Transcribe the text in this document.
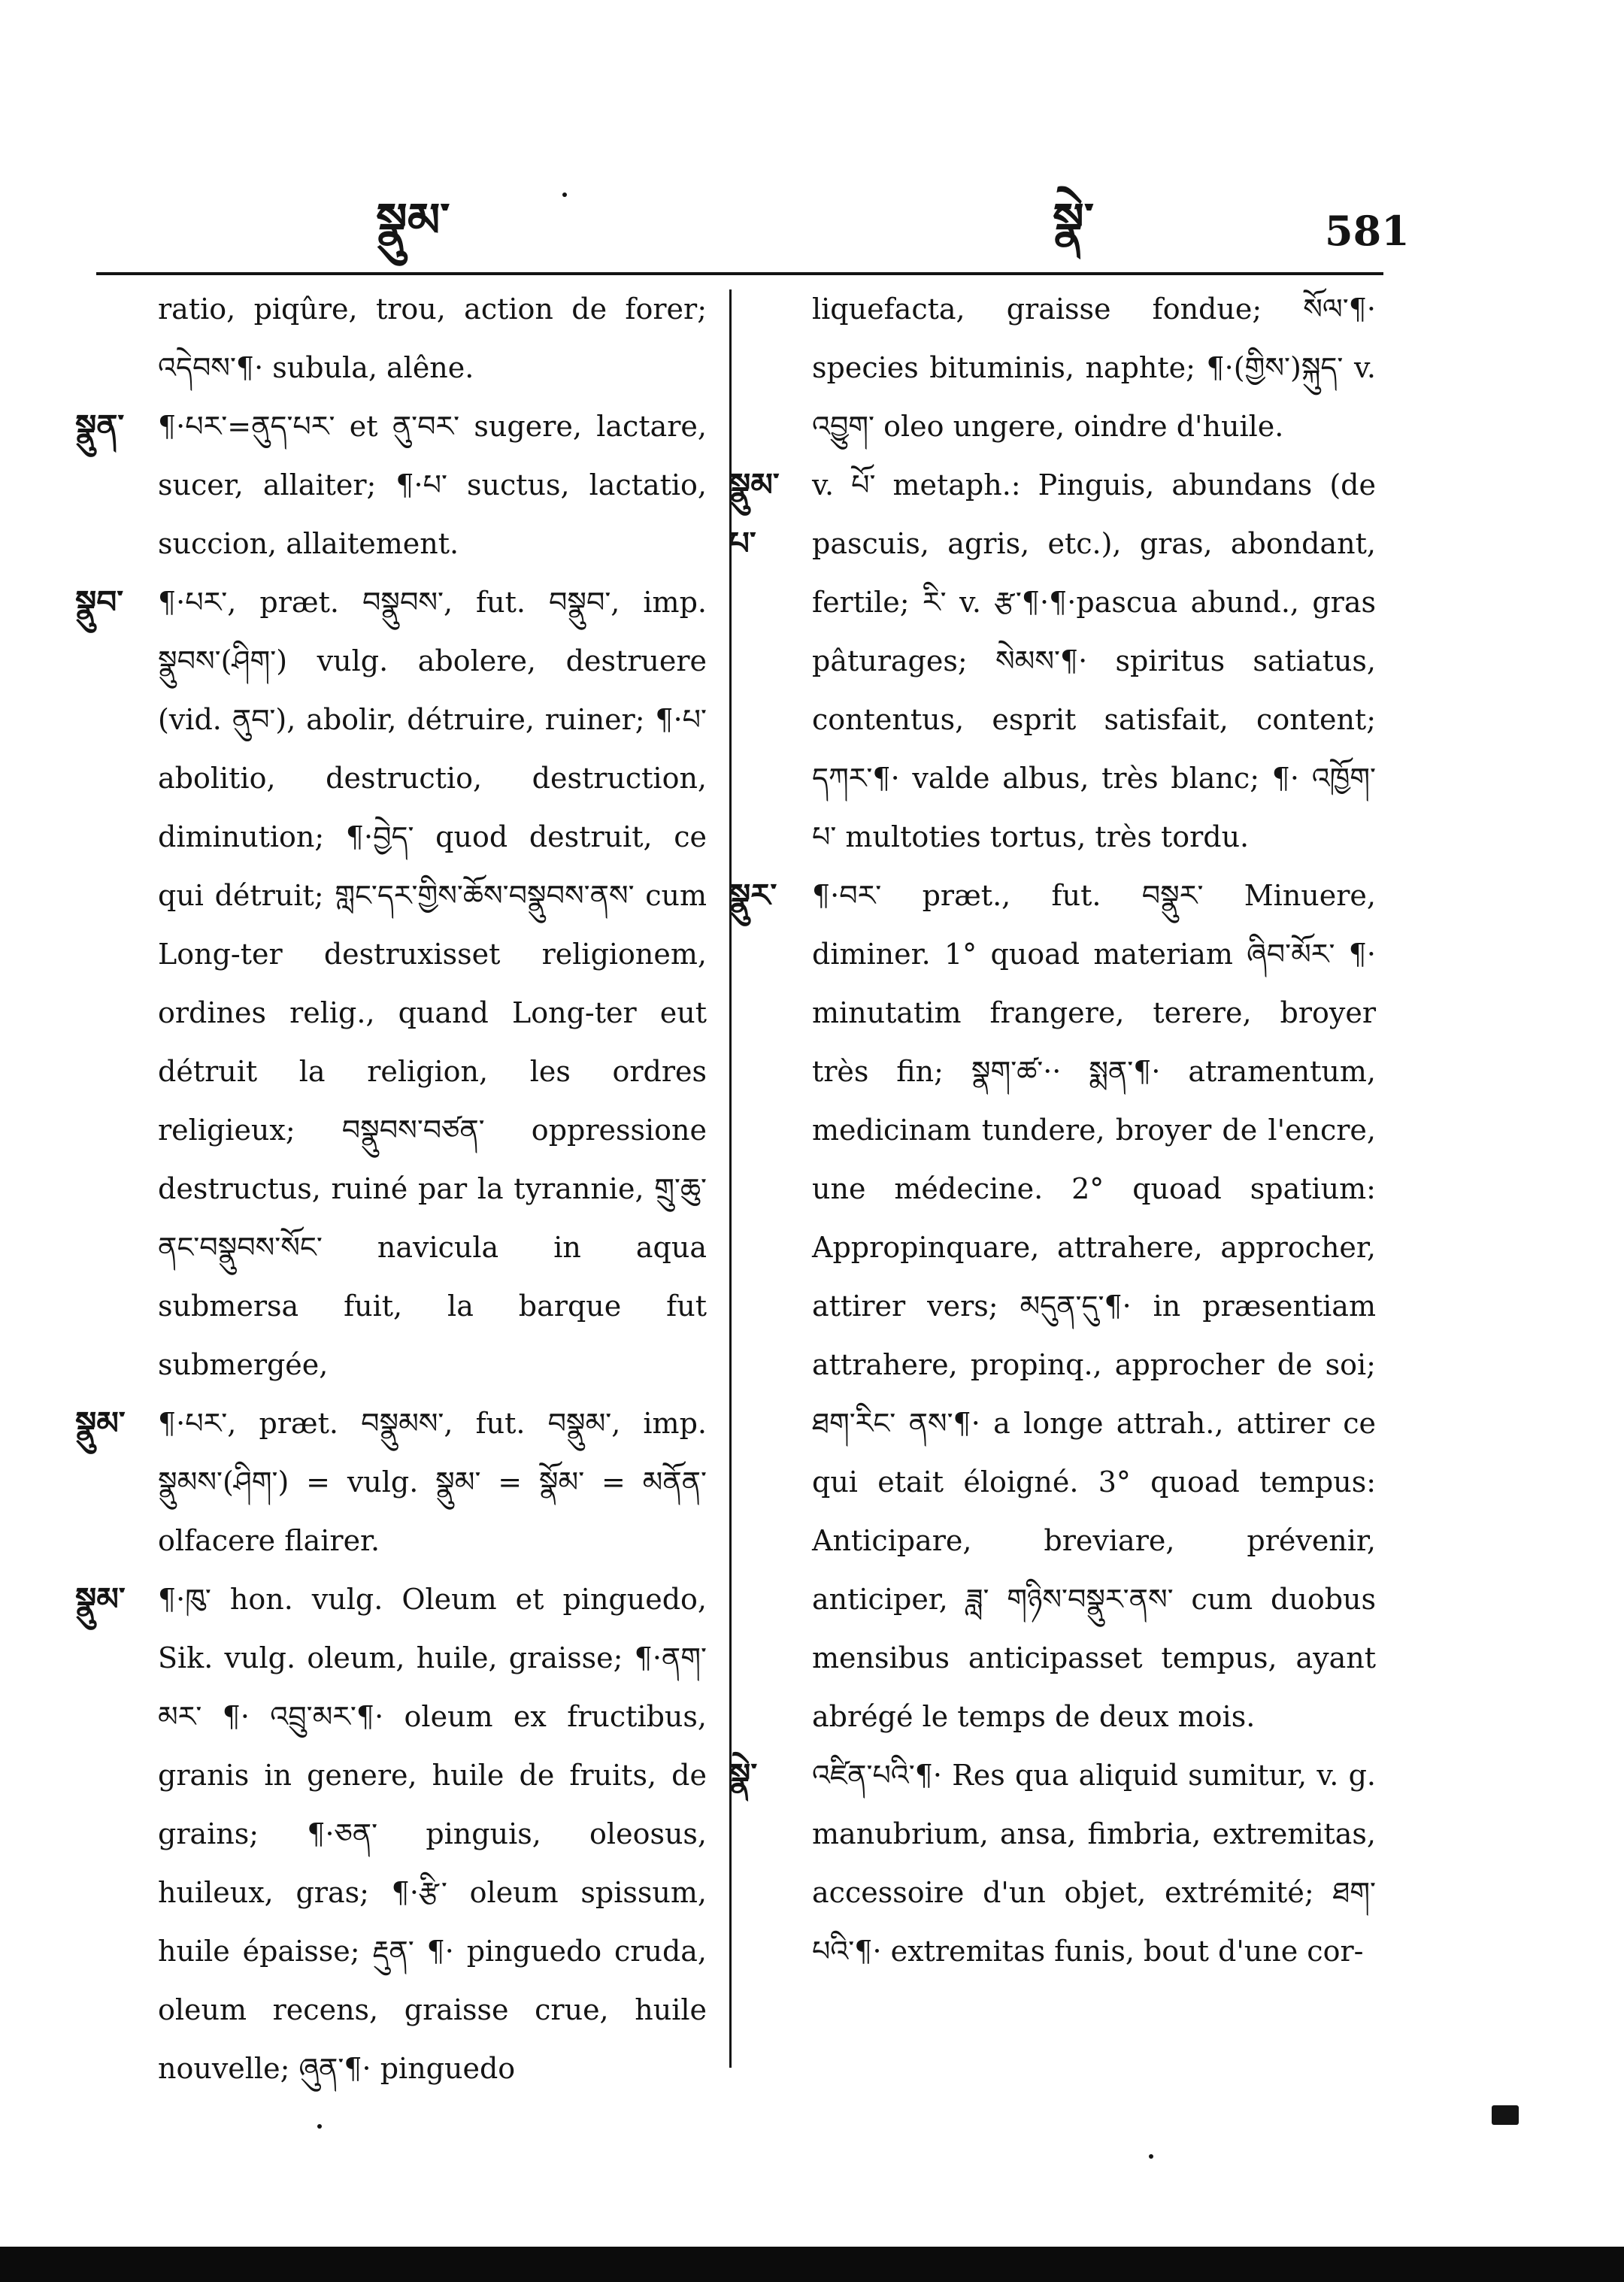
སྣུམ་	སྣེ་	581
ratio, piqûre, trou, action de forer; འདེབས་¶· subula, alêne.
སྣུན་	¶·པར་=ནུད་པར་ et ནུ་བར་ sugere, lactare, sucer, allaiter; ¶·པ་ suctus, lactatio, succion, allaitement.
སྣུབ་	¶·པར་, præt. བསྣུབས་, fut. བསྣུབ་, imp. སྣུབས་(ཤིག་) vulg. abolere, destruere (vid. ནུབ་), abolir, détruire, ruiner; ¶·པ་ abolitio, destructio, destruction, diminution; ¶·བྱེད་ quod destruit, ce qui détruit; གླང་དར་གྱིས་ཆོས་བསྣུབས་ནས་ cum Long-ter destruxisset religionem, ordines relig., quand Long-ter eut détruit la religion, les ordres religieux; བསྣུབས་བཙན་ oppressione destructus, ruiné par la tyrannie, གྲུ་ཆུ་ནང་བསྣུབས་སོང་ navicula in aqua submersa fuit, la barque fut submergée,
སྣུམ་	¶·པར་, præt. བསྣུམས་, fut. བསྣུམ་, imp. སྣུམས་(ཤིག་) = vulg. སྣུམ་ = སྣོམ་ = མནོན་ olfacere flairer.
སྣུམ་	¶·ཁུ་ hon. vulg. Oleum et pinguedo, Sik. vulg. oleum, huile, graisse; ¶·ནག་ མར་ ¶· འབྲུ་མར་¶· oleum ex fructibus, granis in genere, huile de fruits, de grains; ¶·ཅན་ pinguis, oleosus, huileux, gras; ¶·རྩི་ oleum spissum, huile épaisse; རྡུན་ ¶· pinguedo cruda, oleum recens, graisse crue, huile nouvelle; ཞུན་¶· pinguedo
liquefacta, graisse fondue; སོལ་¶· species bituminis, naphte; ¶·(གྱིས་)སྐུད་ v. འབྱུག་ oleo ungere, oindre d'huile.
སྣུམ་པ་
v. པོ་ metaph.: Pinguis, abundans (de pascuis, agris, etc.), gras, abondant, fertile; རི་ v. རྩ་¶·¶·pascua abund., gras pâturages; སེམས་¶· spiritus satiatus, contentus, esprit satisfait, content; དཀར་¶· valde albus, très blanc; ¶· འཁྱོག་པ་ multoties tortus, très tordu.
སྣུར་	¶·བར་ præt., fut. བསྣུར་ Minuere, diminer. 1° quoad materiam ཞིབ་མོར་ ¶· minutatim frangere, terere, broyer très fin; སྣག་ཚ་·· སྨན་¶· atramentum, medicinam tundere, broyer de l'encre, une médecine. 2° quoad spatium: Appropinquare, attrahere, approcher, attirer vers; མདུན་དུ་¶· in præsentiam attrahere, propinq., approcher de soi; ཐག་རིང་ ནས་¶· a longe attrah., attirer ce qui etait éloigné. 3° quoad tempus: Anticipare, breviare, prévenir, anticiper, ཟླ་ གཉིས་བསྣུར་ནས་ cum duobus mensibus anticipasset tempus, ayant abrégé le temps de deux mois.
སྣེ་	འཛིན་པའི་¶· Res qua aliquid sumitur, v. g. manubrium, ansa, fimbria, extremitas, accessoire d'un objet, extrémité; ཐག་ པའི་¶· extremitas funis, bout d'une cor-
